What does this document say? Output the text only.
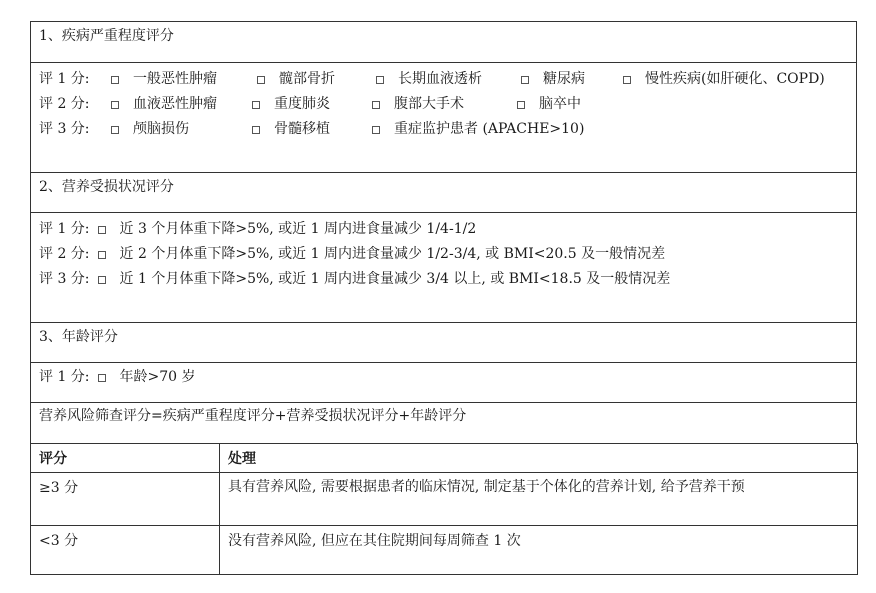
1、疾病严重程度评分
评 1 分:	一般恶性肿瘤	髋部骨折	长期血液透析	糖尿病	慢性疾病(如肝硬化、COPD)
评 2 分:	血液恶性肿瘤	重度肺炎	腹部大手术	脑卒中
评 3 分:	颅脑损伤	骨髓移植	重症监护患者 (APACHE>10)
2、营养受损状况评分
评 1 分: 近 3 个月体重下降>5%, 或近 1 周内进食量减少 1/4-1/2
评 2 分: 近 2 个月体重下降>5%, 或近 1 周内进食量减少 1/2-3/4, 或 BMI<20.5 及一般情况差
评 3 分: 近 1 个月体重下降>5%, 或近 1 周内进食量减少 3/4 以上, 或 BMI<18.5 及一般情况差
3、年龄评分
评 1 分: 年龄>70 岁
营养风险筛查评分=疾病严重程度评分+营养受损状况评分+年龄评分
评分	处理
≥3 分	具有营养风险, 需要根据患者的临床情况, 制定基于个体化的营养计划, 给予营养干预
<3 分	没有营养风险, 但应在其住院期间每周筛查 1 次
